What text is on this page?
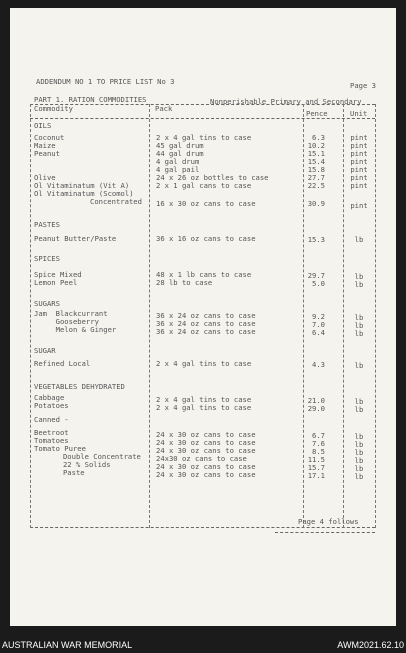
ADDENDUM NO 1 TO PRICE LIST No 3	Page 3
PART 1. RATION COMMODITIES	Nonperishable Primary and Secondary
Commodity	Pack
Pence	Unit
OILS
Coconut	2 x 4 gal tins to case	6.3	pint
Maize	45 gal drum	10.2	pint
Peanut	44 gal drum	15.1	pint
4 gal drum	15.4	pint
4 gal pail	15.8	pint
Olive	24 x 26 oz bottles to case	27.7	pint
Ol Vitaminatum (Vit A)	2 x 1 gal cans to case	22.5	pint
Ol Vitaminatum (Scomol)
Concentrated 16 x 30 oz cans to case	30.9	pint
PASTES
Peanut Butter/Paste	36 x 16 oz cans to case	15.3	lb
SPICES
Spice Mixed	48 x 1 lb cans to case	29.7	lb
Lemon Peel	28 lb to case	5.0	lb
SUGARS
Jam  Blackcurrant	36 x 24 oz cans to case	9.2	lb
Gooseberry	36 x 24 oz cans to case	7.0	lb
Melon & Ginger	36 x 24 oz cans to case	6.4	lb
SUGAR
Refined Local	2 x 4 gal tins to case	4.3	lb
VEGETABLES DEHYDRATED
Cabbage	2 x 4 gal tins to case	21.0	lb
Potatoes	2 x 4 gal tins to case	29.0	lb
Canned -
Beetroot	24 x 30 oz cans to case	6.7	lb
Tomatoes	24 x 30 oz cans to case	7.6	lb
Tomato Puree	24 x 30 oz cans to case	8.5	lb
Double Concentrate 24x30 oz cans to case	11.5	lb
22 % Solids	24 x 30 oz cans to case	15.7	lb
Paste	24 x 30 oz cans to case	17.1	lb
Page 4 follows
AUSTRALIAN WAR MEMORIAL	AWM2021.62.10
